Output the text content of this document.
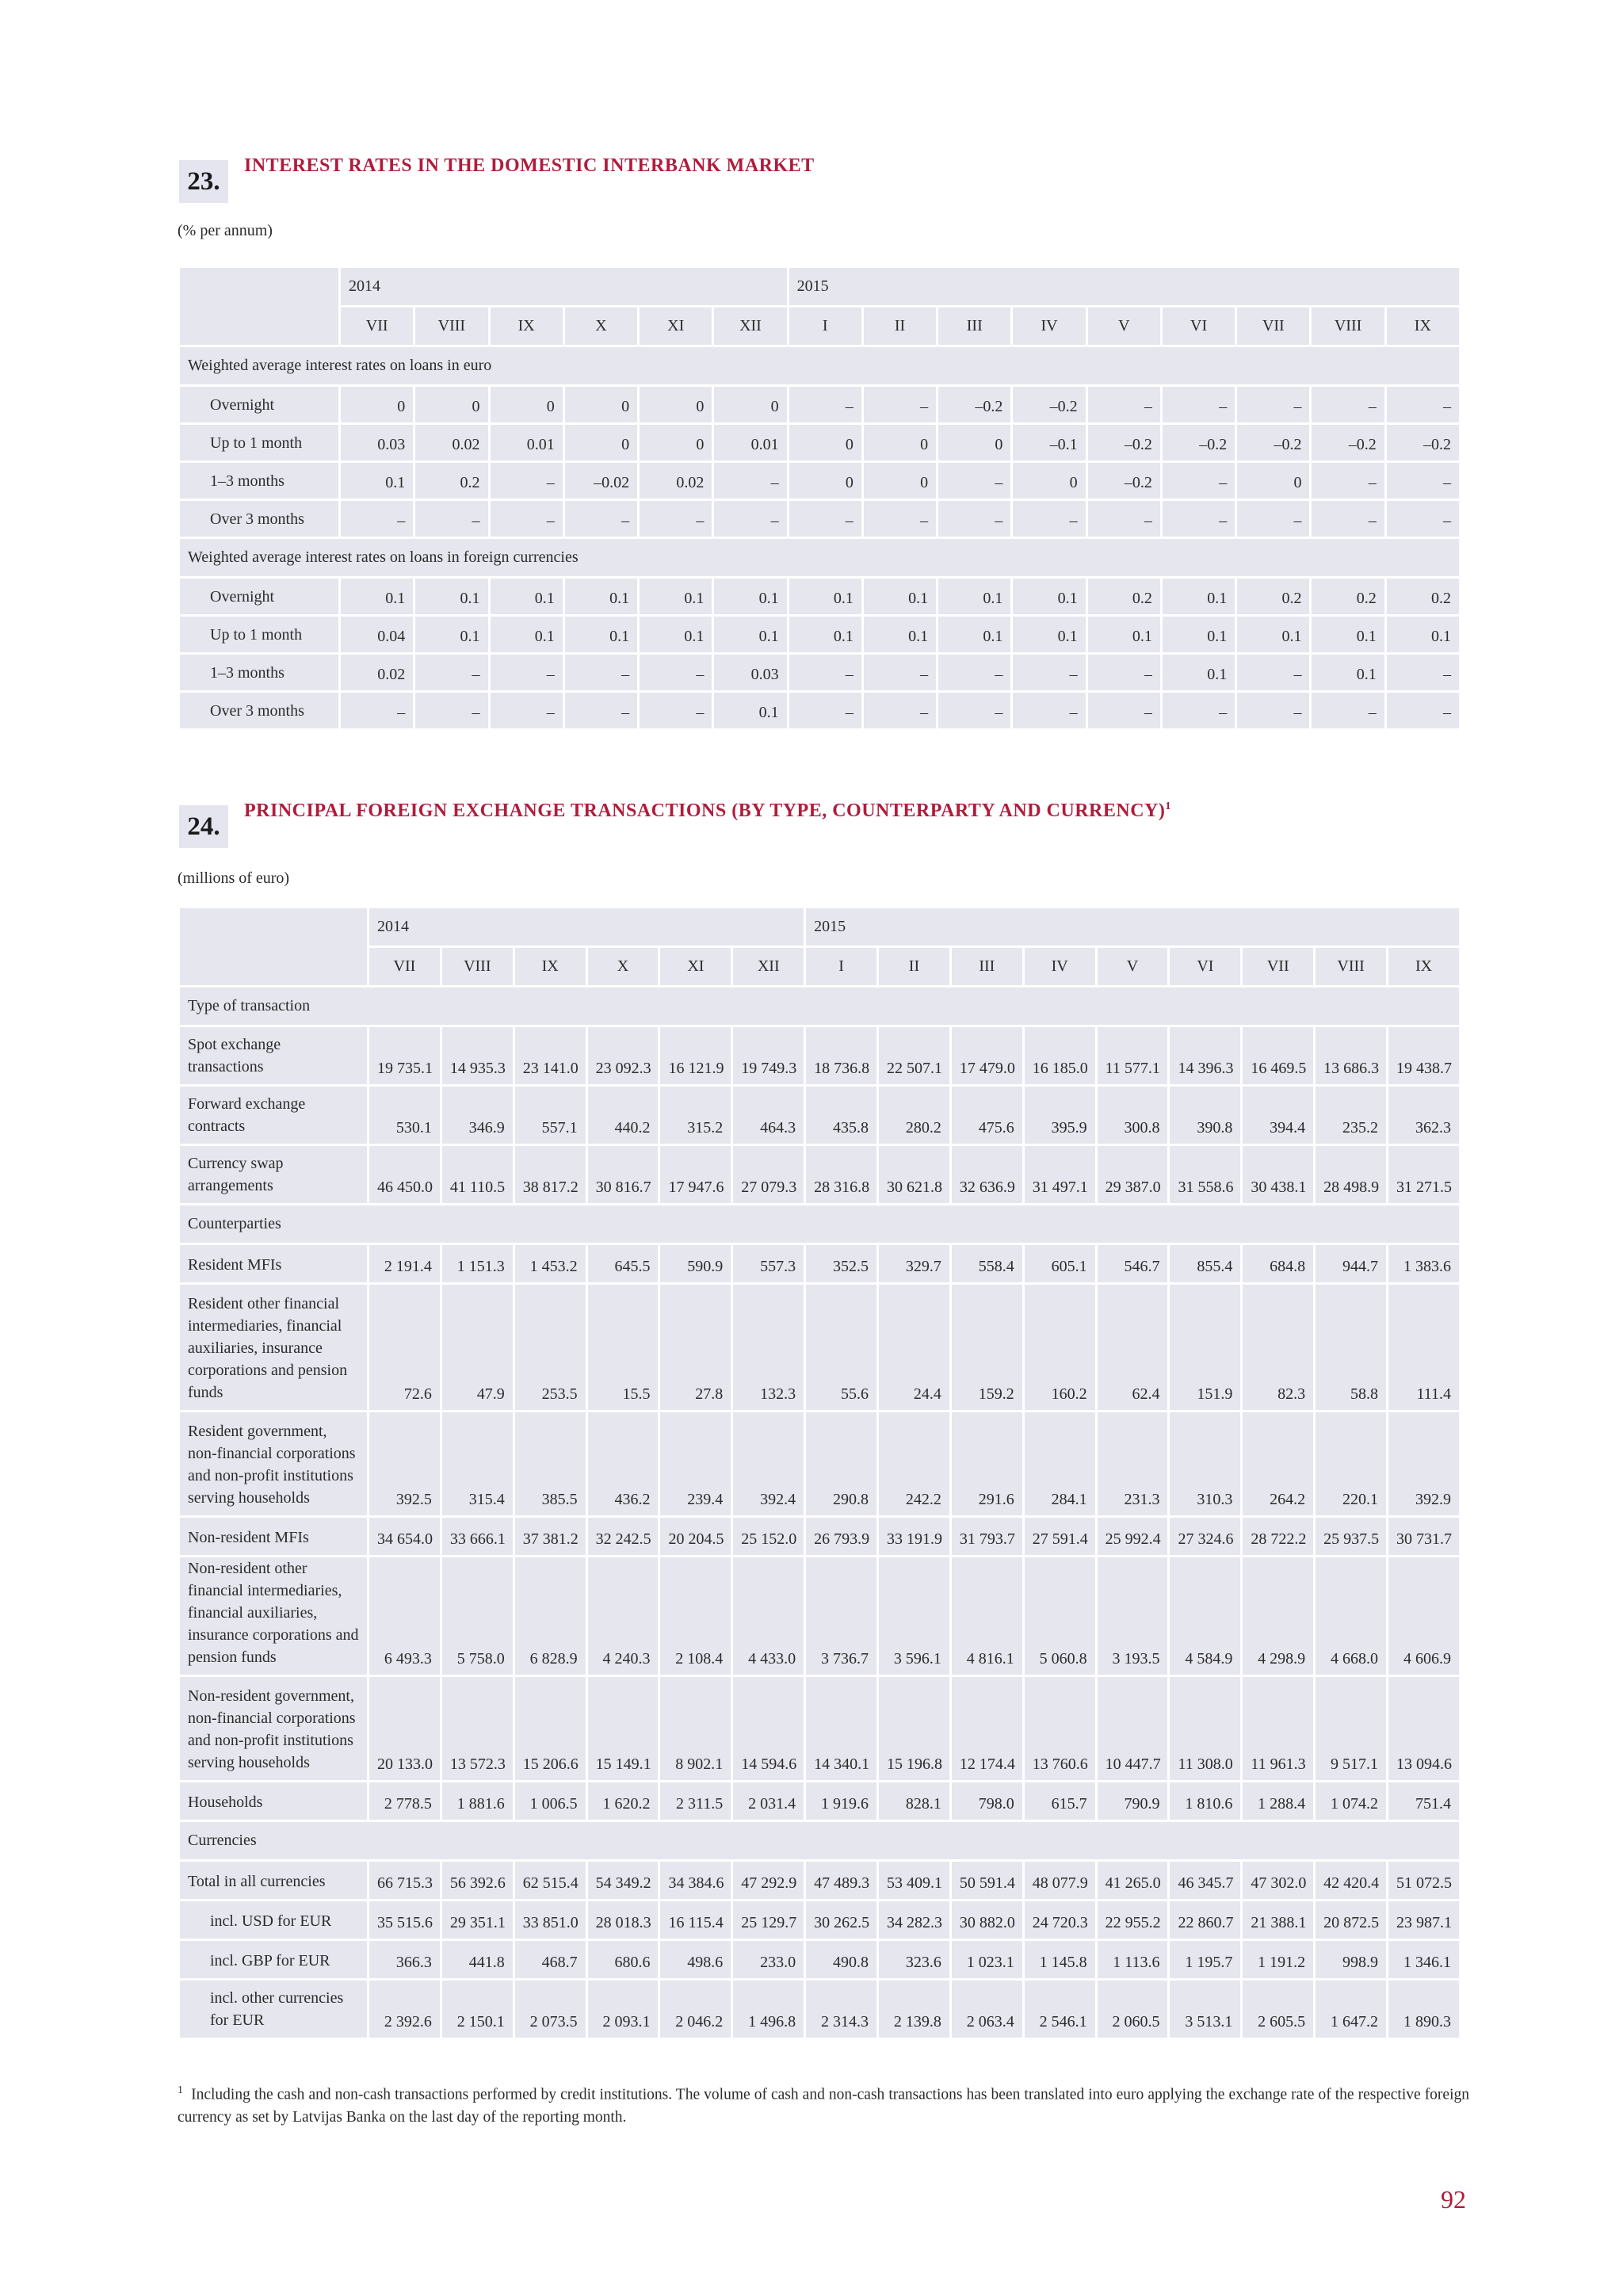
23.
INTEREST RATES IN THE DOMESTIC INTERBANK MARKET
(% per annum)
	2014						2015								
	VII	VIII	IX	X	XI	XII	I	II	III	IV	V	VI	VII	VIII	IX
Weighted average interest rates on loans in euro															
Overnight	0	0	0	0	0	0	–	–	–0.2	–0.2	–	–	–	–	–
Up to 1 month	0.03	0.02	0.01	0	0	0.01	0	0	0	–0.1	–0.2	–0.2	–0.2	–0.2	–0.2
1–3 months	0.1	0.2	–	–0.02	0.02	–	0	0	–	0	–0.2	–	0	–	–
Over 3 months	–	–	–	–	–	–	–	–	–	–	–	–	–	–	–
Weighted average interest rates on loans in foreign currencies															
Overnight	0.1	0.1	0.1	0.1	0.1	0.1	0.1	0.1	0.1	0.1	0.2	0.1	0.2	0.2	0.2
Up to 1 month	0.04	0.1	0.1	0.1	0.1	0.1	0.1	0.1	0.1	0.1	0.1	0.1	0.1	0.1	0.1
1–3 months	0.02	–	–	–	–	0.03	–	–	–	–	–	0.1	–	0.1	–
Over 3 months	–	–	–	–	–	0.1	–	–	–	–	–	–	–	–	–
24.
PRINCIPAL FOREIGN EXCHANGE TRANSACTIONS (BY TYPE, COUNTERPARTY AND CURRENCY)$^1$
(millions of euro)
	2014						2015								
	VII	VIII	IX	X	XI	XII	I	II	III	IV	V	VI	VII	VIII	IX
Type of transaction															
Spot exchange transactions	19 735.1	14 935.3	23 141.0	23 092.3	16 121.9	19 749.3	18 736.8	22 507.1	17 479.0	16 185.0	11 577.1	14 396.3	16 469.5	13 686.3	19 438.7
Forward exchange contracts	530.1	346.9	557.1	440.2	315.2	464.3	435.8	280.2	475.6	395.9	300.8	390.8	394.4	235.2	362.3
Currency swap arrangements	46 450.0	41 110.5	38 817.2	30 816.7	17 947.6	27 079.3	28 316.8	30 621.8	32 636.9	31 497.1	29 387.0	31 558.6	30 438.1	28 498.9	31 271.5
Counterparties															
Resident MFIs	2 191.4	1 151.3	1 453.2	645.5	590.9	557.3	352.5	329.7	558.4	605.1	546.7	855.4	684.8	944.7	1 383.6
Resident other financial intermediaries, financial auxiliaries, insurance corporations and pension funds	72.6	47.9	253.5	15.5	27.8	132.3	55.6	24.4	159.2	160.2	62.4	151.9	82.3	58.8	111.4
Resident government, non-financial corporations and non-profit institutions serving households	392.5	315.4	385.5	436.2	239.4	392.4	290.8	242.2	291.6	284.1	231.3	310.3	264.2	220.1	392.9
Non-resident MFIs	34 654.0	33 666.1	37 381.2	32 242.5	20 204.5	25 152.0	26 793.9	33 191.9	31 793.7	27 591.4	25 992.4	27 324.6	28 722.2	25 937.5	30 731.7
Non-resident other financial intermediaries, financial auxiliaries, insurance corporations and pension funds	6 493.3	5 758.0	6 828.9	4 240.3	2 108.4	4 433.0	3 736.7	3 596.1	4 816.1	5 060.8	3 193.5	4 584.9	4 298.9	4 668.0	4 606.9
Non-resident government, non-financial corporations and non-profit institutions serving households	20 133.0	13 572.3	15 206.6	15 149.1	8 902.1	14 594.6	14 340.1	15 196.8	12 174.4	13 760.6	10 447.7	11 308.0	11 961.3	9 517.1	13 094.6
Households	2 778.5	1 881.6	1 006.5	1 620.2	2 311.5	2 031.4	1 919.6	828.1	798.0	615.7	790.9	1 810.6	1 288.4	1 074.2	751.4
Currencies															
Total in all currencies	66 715.3	56 392.6	62 515.4	54 349.2	34 384.6	47 292.9	47 489.3	53 409.1	50 591.4	48 077.9	41 265.0	46 345.7	47 302.0	42 420.4	51 072.5
incl. USD for EUR	35 515.6	29 351.1	33 851.0	28 018.3	16 115.4	25 129.7	30 262.5	34 282.3	30 882.0	24 720.3	22 955.2	22 860.7	21 388.1	20 872.5	23 987.1
incl. GBP for EUR	366.3	441.8	468.7	680.6	498.6	233.0	490.8	323.6	1 023.1	1 145.8	1 113.6	1 195.7	1 191.2	998.9	1 346.1
incl. other currencies for EUR	2 392.6	2 150.1	2 073.5	2 093.1	2 046.2	1 496.8	2 314.3	2 139.8	2 063.4	2 546.1	2 060.5	3 513.1	2 605.5	1 647.2	1 890.3
$^1$ Including the cash and non-cash transactions performed by credit institutions. The volume of cash and non-cash transactions has been translated into euro applying the exchange rate of the respective foreign currency as set by Latvijas Banka on the last day of the reporting month.
92
